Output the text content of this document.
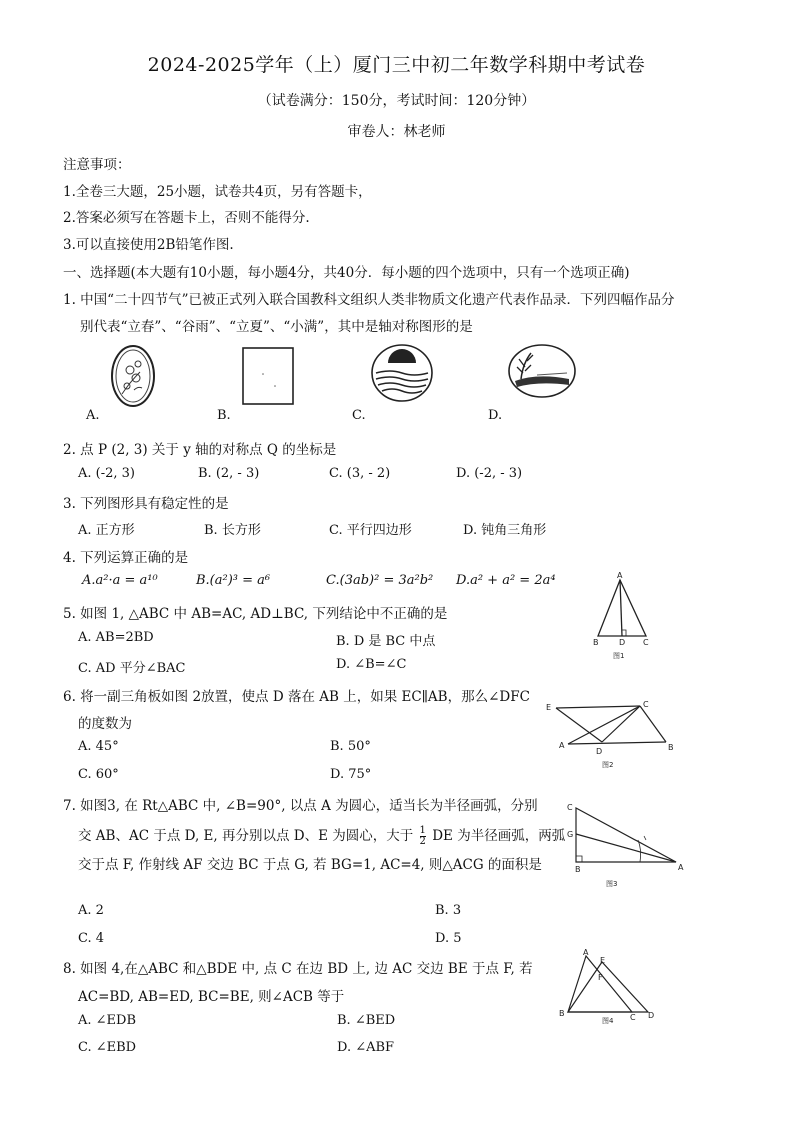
2024-2025学年（上）厦门三中初二年数学科期中考试卷
（试卷满分：150分，考试时间：120分钟）
审卷人：林老师
注意事项：
1.全卷三大题，25小题，试卷共4页，另有答题卡，
2.答案必须写在答题卡上，否则不能得分.
3.可以直接使用2B铅笔作图.
一、选择题(本大题有10小题，每小题4分，共40分．每小题的四个选项中，只有一个选项正确)
1. 中国“二十四节气”已被正式列入联合国教科文组织人类非物质文化遗产代表作品录．下列四幅作品分
别代表“立春”、“谷雨”、“立夏”、“小满”，其中是轴对称图形的是
A.	B.	C.	D.
2. 点 P (2, 3) 关于 y 轴的对称点 Q 的坐标是
A. (-2, 3)	B. (2, - 3)	C. (3, - 2)	D. (-2, - 3)
3. 下列图形具有稳定性的是
A. 正方形	B. 长方形	C. 平行四边形	D. 钝角三角形
4. 下列运算正确的是
A.a²·a = a¹⁰	B.(a²)³ = a⁶	C.(3ab)² = 3a²b² D.a² + a² = 2a⁴	A
B	D C
图1
5. 如图 1, △ABC 中 AB=AC, AD⊥BC, 下列结论中不正确的是
A. AB=2BD	B. D 是 BC 中点
C. AD 平分∠BAC	D. ∠B=∠C
6. 将一副三角板如图 2放置，使点 D 落在 AB 上，如果 EC∥AB，那么∠DFC
的度数为
A. 45°	B. 50°
C. 60°	D. 75°
E	C
A
D	B
图2
7. 如图3, 在 Rt△ABC 中, ∠B=90°, 以点 A 为圆心，适当长为半径画弧，分别
交 AB、AC 于点 D, E, 再分别以点 D、E 为圆心，大于 $\frac{1}{2}$ DE 为半径画弧，两弧
交于点 F, 作射线 AF 交边 BC 于点 G, 若 BG=1, AC=4, 则△ACG 的面积是
A. 2	B. 3
C. 4	D. 5
C
G
B	A
图3
8. 如图 4,在△ABC 和△BDE 中, 点 C 在边 BD 上, 边 AC 交边 BE 于点 F, 若
AC=BD, AB=ED, BC=BE, 则∠ACB 等于
A. ∠EDB	B. ∠BED
C. ∠EBD	D. ∠ABF
A
E
F
B	C D
图4
